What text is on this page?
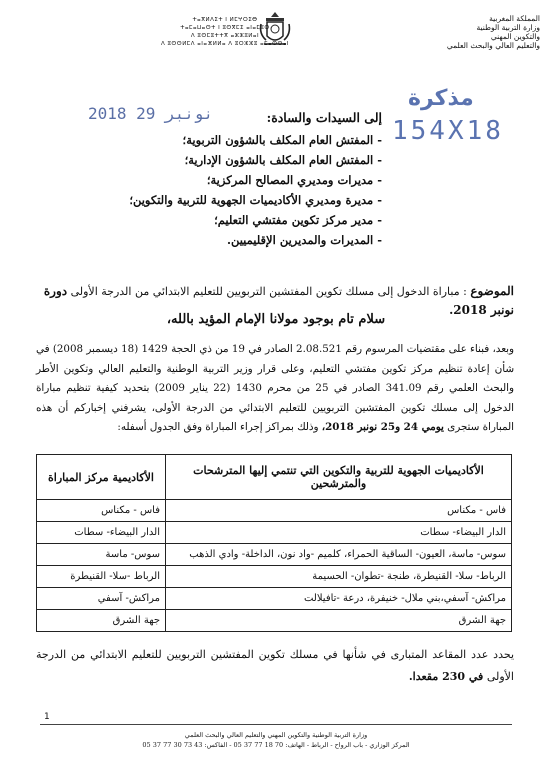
المملكة المغربية
وزارة التربية الوطنية
والتكوين المهني
والتعليم العالي والبحث العلمي
ⵜⴰⴳⵍⴷⵉⵜ ⵏ ⵍⵎⵖⵔⵉⴱ
ⵜⴰⵎⴰⵡⴰⵙⵜ ⵏ ⵓⵙⴳⵎⵉ ⴰⵏⴰⵎⵓⵔ
ⴷ ⵓⵙⵎⵓⵜⵜⴳ ⴰⵣⵣⵓⵍⴰⵏ
ⴷ ⵓⵙⵙⵍⵎⴷ ⴰⵏⴰⴼⵍⵍⴰ ⴷ ⵓⵔⵣⵣⵓ ⴰⵎⴰⵙⵙⴰⵏ
2018 نونبر 29
مذكرة
154X18
إلى السيدات والسادة:
- المفتش العام المكلف بالشؤون التربوية؛
- المفتش العام المكلف بالشؤون الإدارية؛
- مديرات ومديري المصالح المركزية؛
- مديرة ومديري الأكاديميات الجهوية للتربية والتكوين؛
- مدير مركز تكوين مفتشي التعليم؛
- المديرات والمديرين الإقليميين.
الموضوع : مباراة الدخول إلى مسلك تكوين المفتشين التربويين للتعليم الابتدائي من الدرجة الأولى دورة نونبر 2018.
سلام تام بوجود مولانا الإمام المؤيد بالله،
وبعد، فبناء على مقتضيات المرسوم رقم 2.08.521 الصادر في 19 من ذي الحجة 1429 (18 ديسمبر 2008) في شأن إعادة تنظيم مركز تكوين مفتشي التعليم، وعلى قرار وزير التربية الوطنية والتعليم العالي وتكوين الأطر والبحث العلمي رقم 341.09 الصادر في 25 من محرم 1430 (22 يناير 2009) بتحديد كيفية تنظيم مباراة الدخول إلى مسلك تكوين المفتشين التربويين للتعليم الابتدائي من الدرجة الأولى، يشرفني إخباركم أن هذه المباراة ستجرى يومي 24 و25 نونبر 2018، وذلك بمراكز إجراء المباراة وفق الجدول أسفله:
الأكاديميات الجهوية للتربية والتكوين التي تنتمي إليها المترشحات والمترشحين	الأكاديمية مركز المباراة
فاس - مكناس	فاس - مكناس
الدار البيضاء- سطات	الدار البيضاء- سطات
سوس- ماسة، العيون- الساقية الحمراء، كلميم -واد نون، الداخلة- وادي الذهب	سوس- ماسة
الرباط- سلا- القنيطرة، طنجة -تطوان- الحسيمة	الرباط -سلا- القنيطرة
مراكش- آسفي،بني ملال- خنيفرة، درعة -تافيلالت	مراكش- آسفي
جهة الشرق	جهة الشرق
يحدد عدد المقاعد المتبارى في شأنها في مسلك تكوين المفتشين التربويين للتعليم الابتدائي من الدرجة الأولى في 230 مقعدا.
1
وزارة التربية الوطنية والتكوين المهني والتعليم العالي والبحث العلمي
المركز الوزاري - باب الرواح - الرباط - الهاتف: 70 18 77 37 05 - الفاكس: 43 73 30 77 37 05
